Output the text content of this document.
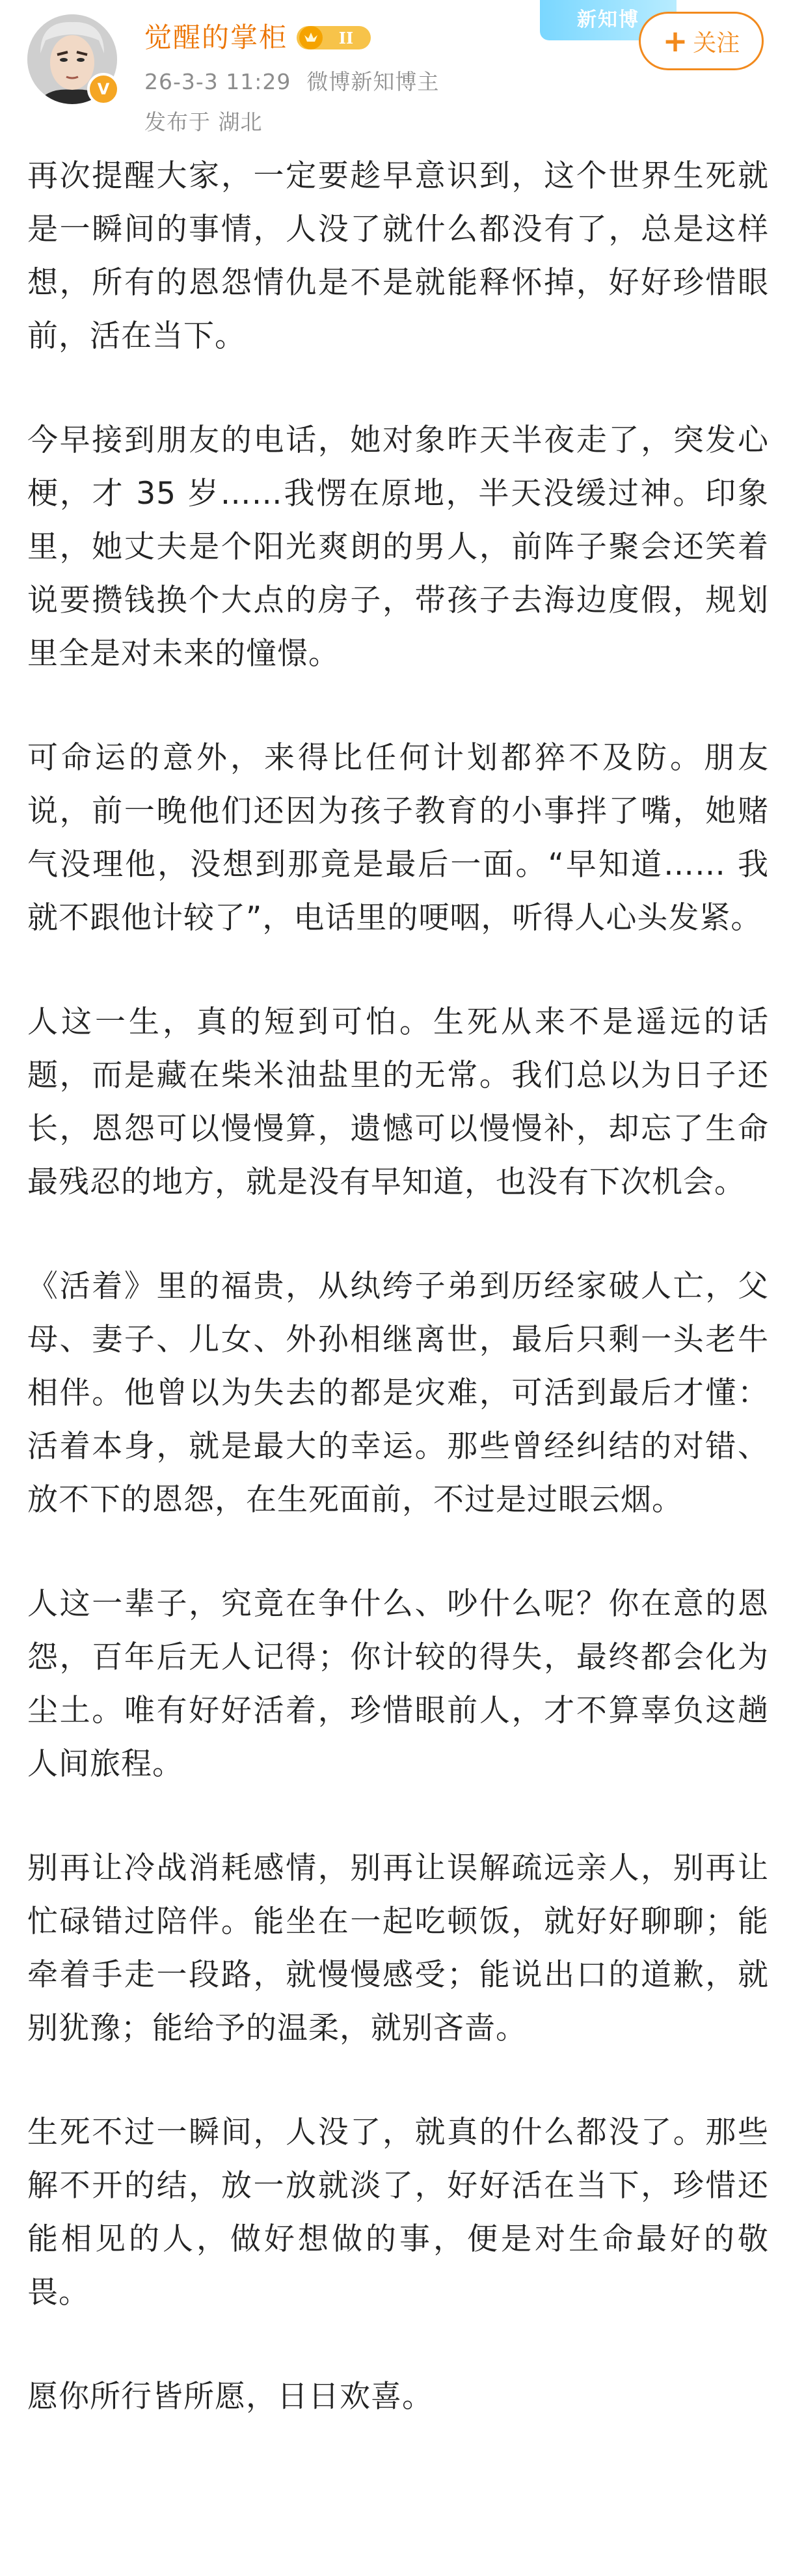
V
觉醒的掌柜	II
26-3-3 11:29 微博新知博主
发布于 湖北
新知博
+ 关注

再次提醒大家，一定要趁早意识到，这个世界生死就是一瞬间的事情，人没了就什么都没有了，总是这样想，所有的恩怨情仇是不是就能释怀掉，好好珍惜眼前，活在当下。

今早接到朋友的电话，她对象昨天半夜走了，突发心梗，才 35 岁……我愣在原地，半天没缓过神。印象里，她丈夫是个阳光爽朗的男人，前阵子聚会还笑着说要攒钱换个大点的房子，带孩子去海边度假，规划里全是对未来的憧憬。

可命运的意外，来得比任何计划都猝不及防。朋友说，前一晚他们还因为孩子教育的小事拌了嘴，她赌气没理他，没想到那竟是最后一面。“早知道…… 我就不跟他计较了”，电话里的哽咽，听得人心头发紧。

人这一生，真的短到可怕。生死从来不是遥远的话题，而是藏在柴米油盐里的无常。我们总以为日子还长，恩怨可以慢慢算，遗憾可以慢慢补，却忘了生命最残忍的地方，就是没有早知道，也没有下次机会。

《活着》里的福贵，从纨绔子弟到历经家破人亡，父母、妻子、儿女、外孙相继离世，最后只剩一头老牛相伴。他曾以为失去的都是灾难，可活到最后才懂：活着本身，就是最大的幸运。那些曾经纠结的对错、放不下的恩怨，在生死面前，不过是过眼云烟。

人这一辈子，究竟在争什么、吵什么呢？你在意的恩怨，百年后无人记得；你计较的得失，最终都会化为尘土。唯有好好活着，珍惜眼前人，才不算辜负这趟人间旅程。

别再让冷战消耗感情，别再让误解疏远亲人，别再让忙碌错过陪伴。能坐在一起吃顿饭，就好好聊聊；能牵着手走一段路，就慢慢感受；能说出口的道歉，就别犹豫；能给予的温柔，就别吝啬。

生死不过一瞬间，人没了，就真的什么都没了。那些解不开的结，放一放就淡了，好好活在当下，珍惜还能相见的人，做好想做的事，便是对生命最好的敬畏。

愿你所行皆所愿，日日欢喜。
